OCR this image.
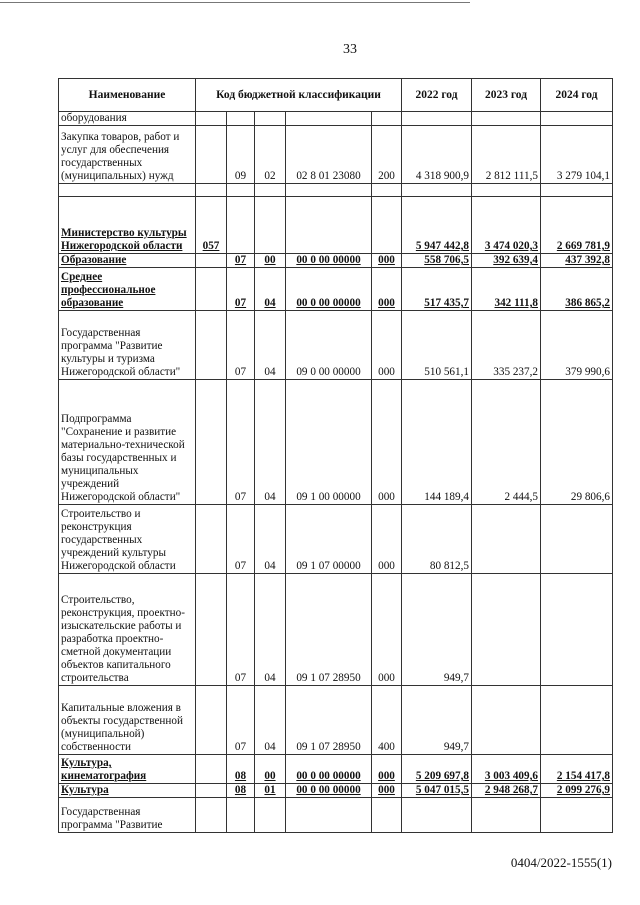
33
Наименование	Код бюджетной классификации					2022 год	2023 год	2024 год
оборудования								
Закупка товаров, работ и услуг для обеспечения государственных (муниципальных) нужд		09	02	02 8 01 23080	200	4 318 900,9	2 812 111,5	3 279 104,1

Министерство культуры Нижегородской области	057					5 947 442,8	3 474 020,3	2 669 781,9
Образование		07	00	00 0 00 00000	000	558 706,5	392 639,4	437 392,8
Среднее профессиональное образование		07	04	00 0 00 00000	000	517 435,7	342 111,8	386 865,2
Государственная программа "Развитие культуры и туризма Нижегородской области"		07	04	09 0 00 00000	000	510 561,1	335 237,2	379 990,6
Подпрограмма "Сохранение и развитие материально-технической базы государственных и муниципальных учреждений Нижегородской области"		07	04	09 1 00 00000	000	144 189,4	2 444,5	29 806,6
Строительство и реконструкция государственных учреждений культуры Нижегородской области		07	04	09 1 07 00000	000	80 812,5		
Строительство, реконструкция, проектно-изыскательские работы и разработка проектно-сметной документации объектов капитального строительства		07	04	09 1 07 28950	000	949,7		
Капитальные вложения в объекты государственной (муниципальной) собственности		07	04	09 1 07 28950	400	949,7		
Культура, кинематография		08	00	00 0 00 00000	000	5 209 697,8	3 003 409,6	2 154 417,8
Культура		08	01	00 0 00 00000	000	5 047 015,5	2 948 268,7	2 099 276,9
Государственная программа "Развитие								
0404/2022-1555(1)
